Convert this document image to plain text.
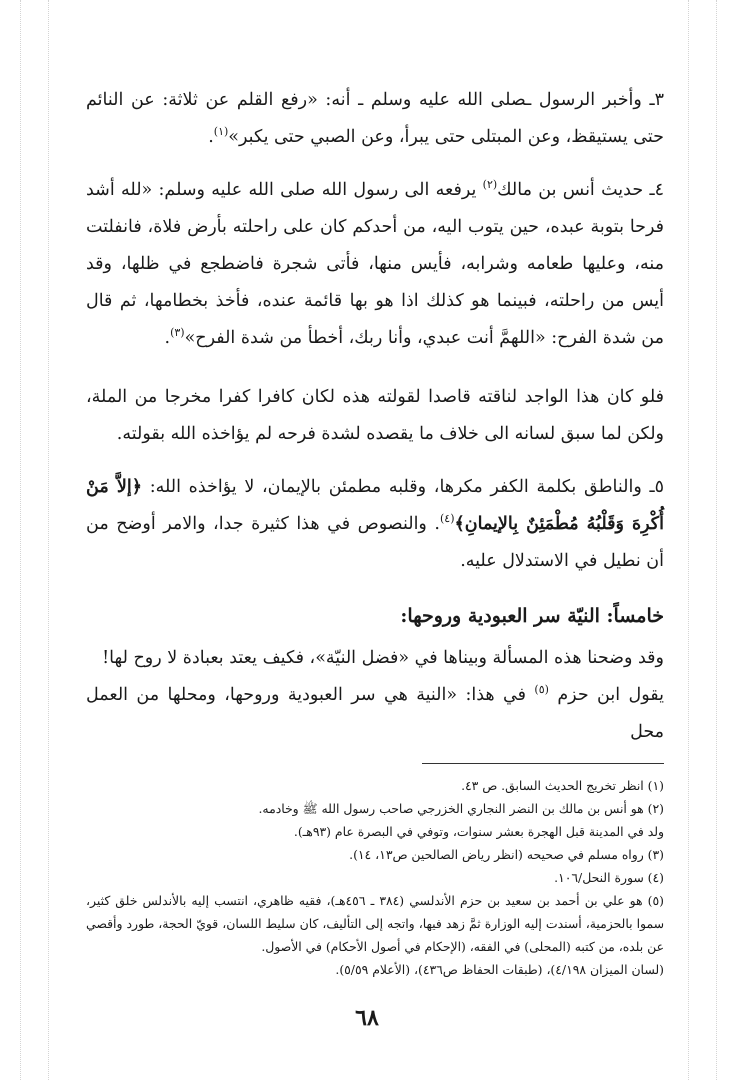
٣ـ وأخبر الرسول ـصلى الله عليه وسلم ـ أنه: «رفع القلم عن ثلاثة: عن النائم حتى يستيقظ، وعن المبتلى حتى يبرأ، وعن الصبي حتى يكبر»$^{(١)}$.

٤ـ حديث أنس بن مالك$^{(٢)}$ يرفعه الى رسول الله صلى الله عليه وسلم: «لله أشد فرحا بتوبة عبده، حين يتوب اليه، من أحدكم كان على راحلته بأرض فلاة، فانفلتت منه، وعليها طعامه وشرابه، فأيس منها، فأتى شجرة فاضطجع في ظلها، وقد أيس من راحلته، فبينما هو كذلك اذا هو بها قائمة عنده، فأخذ بخطامها، ثم قال من شدة الفرح: «اللهمَّ أنت عبدي، وأنا ربك، أخطأ من شدة الفرح»$^{(٣)}$.

فلو كان هذا الواجد لناقته قاصدا لقولته هذه لكان كافرا كفرا مخرجا من الملة، ولكن لما سبق لسانه الى خلاف ما يقصده لشدة فرحه لم يؤاخذه الله بقولته.

٥ـ والناطق بكلمة الكفر مكرها، وقلبه مطمئن بالإيمان، لا يؤاخذه الله: ﴿إلاَّ مَنْ أُكْرِهَ وَقَلْبُهُ مُطْمَئِنٌ بِالإيمانِ﴾$^{(٤)}$. والنصوص في هذا كثيرة جدا، والامر أوضح من أن نطيل في الاستدلال عليه.

خامساً: النيّة سر العبودية وروحها:

وقد وضحنا هذه المسألة وبيناها في «فضل النيّة»، فكيف يعتد بعبادة لا روح لها!

يقول ابن حزم $^{(٥)}$ في هذا: «النية هي سر العبودية وروحها، ومحلها من العمل محل

(١) انظر تخريج الحديث السابق. ص ٤٣.

(٢) هو أنس بن مالك بن النضر النجاري الخزرجي صاحب رسول الله ﷺ وخادمه.

ولد في المدينة قبل الهجرة بعشر سنوات، وتوفي في البصرة عام (٩٣هـ).

(٣) رواه مسلم في صحيحه (انظر رياض الصالحين ص١٣، ١٤).

(٤) سورة النحل/١٠٦.

(٥) هو علي بن أحمد بن سعيد بن حزم الأندلسي (٣٨٤ ـ ٤٥٦هـ)، فقيه ظاهري، انتسب إليه بالأندلس خلق كثير، سموا بالحزمية، أسندت إليه الوزارة ثمَّ زهد فيها، واتجه إلى التأليف، كان سليط اللسان، قويّ الحجة، طورد وأقصي عن بلده، من كتبه (المحلى) في الفقه، (الإحكام في أصول الأحكام) في الأصول.

(لسان الميزان ٤/١٩٨)، (طبقات الحفاظ ص٤٣٦)، (الأعلام ٥/٥٩).

٦٨
